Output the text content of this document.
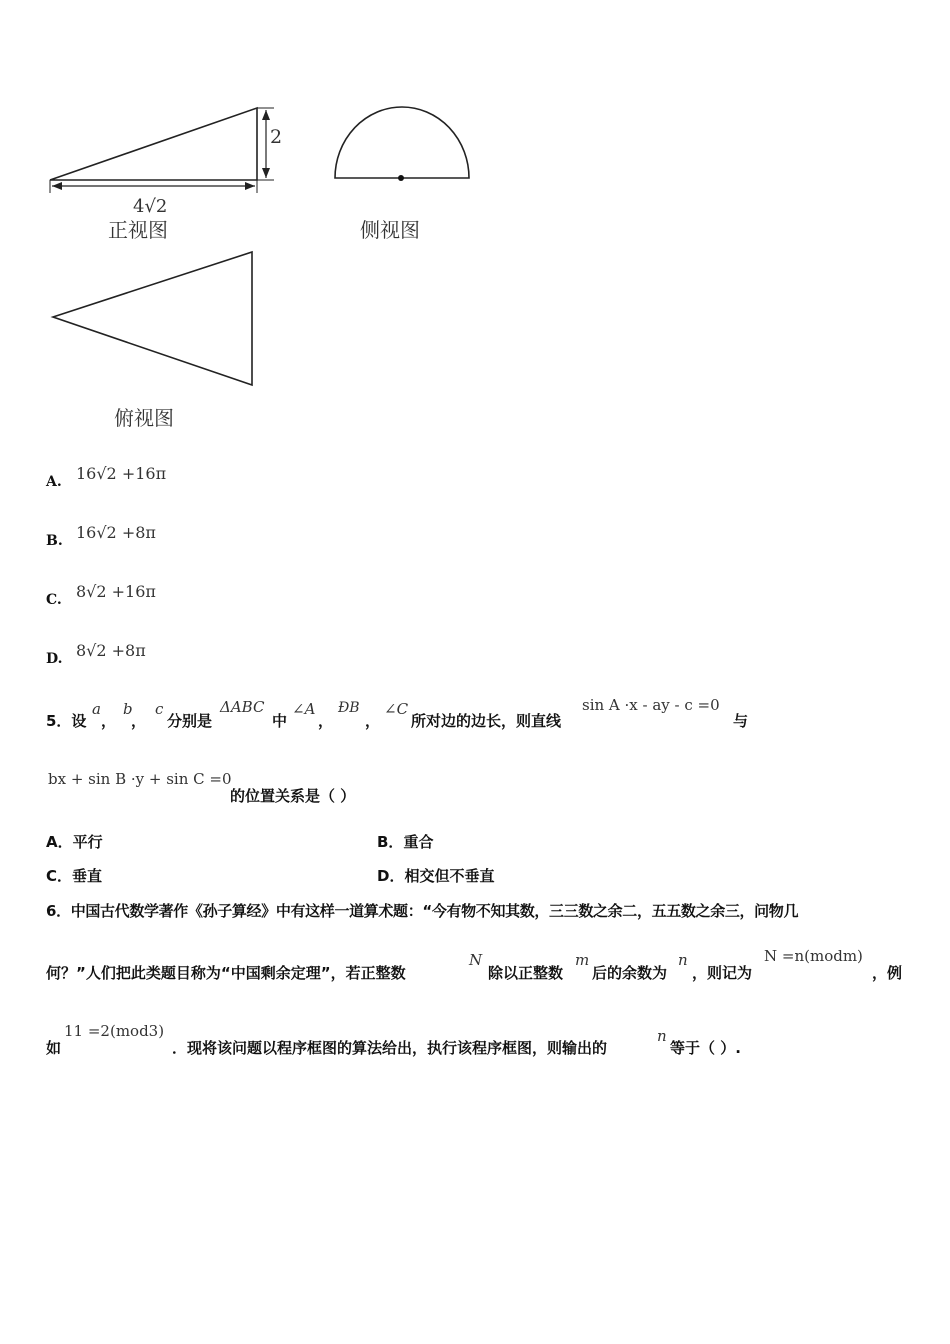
2
4√2
正视图	侧视图
俯视图
A. 16√2 +16π
B. 16√2 +8π
C. 8√2 +16π
D. 8√2 +8π
5．设
a
，
b
，
c
分别是
ΔABC
中
∠A
，
ÐB
，
∠C
所对边的边长，则直线
sin A ·x - ay - c =0
与
bx + sin B ·y + sin C =0
的位置关系是（ ）
A．平行	B．重合
C．垂直	D．相交但不垂直
6．中国古代数学著作《孙子算经》中有这样一道算术题：“今有物不知其数，三三数之余二，五五数之余三，问物几
何？”人们把此类题目称为“中国剩余定理”，若正整数
N
除以正整数
m
后的余数为
n
，则记为
N =n(modm)
，例
如
11 =2(mod3)
．现将该问题以程序框图的算法给出，执行该程序框图，则输出的
n
等于（ ）.
